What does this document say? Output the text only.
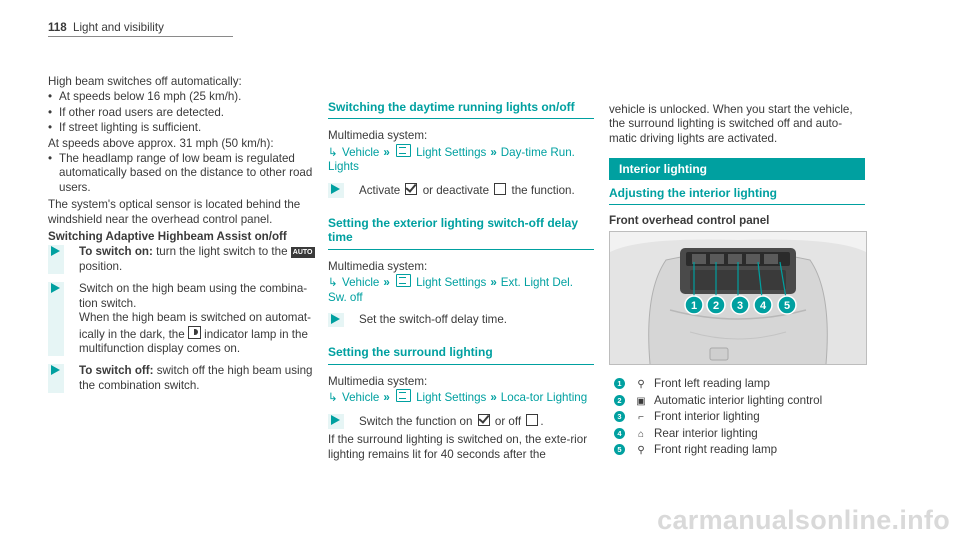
118 Light and visibility

High beam switches off automatically:

• At speeds below 16 mph (25 km/h).

• If other road users are detected.

• If street lighting is sufficient.

At speeds above approx. 31 mph (50 km/h):

• The headlamp range of low beam is regulated automatically based on the distance to other road users.

The system's optical sensor is located behind the windshield near the overhead control panel.

Switching Adaptive Highbeam Assist on/off

To switch on: turn the light switch to the AUTO position.

Switch on the high beam using the combina-tion switch.

When the high beam is switched on automat-ically in the dark, the  indicator lamp in the multifunction display comes on.

To switch off: switch off the high beam using the combination switch.
Switching the daytime running lights on/off

Multimedia system:

↳ Vehicle » Light Settings » Day-time Run. Lights

Activate  or deactivate  the function.
Setting the exterior lighting switch-off delay time

Multimedia system:

↳ Vehicle » Light Settings » Ext. Light Del. Sw. off

Set the switch-off delay time.
Setting the surround lighting

Multimedia system:

↳ Vehicle » Light Settings » Loca-tor Lighting

Switch the function on  or off .

If the surround lighting is switched on, the exte-rior lighting remains lit for 40 seconds after the

vehicle is unlocked. When you start the vehicle, the surround lighting is switched off and auto-matic driving lights are activated.

Interior lighting
Adjusting the interior lighting
Front overhead control panel
1 2 3 4 5
1	⚲ Front left reading lamp
2	▣ Automatic interior lighting control
3	⌐ Front interior lighting
4	⌂ Rear interior lighting
5	⚲ Front right reading lamp
carmanualsonline.info
